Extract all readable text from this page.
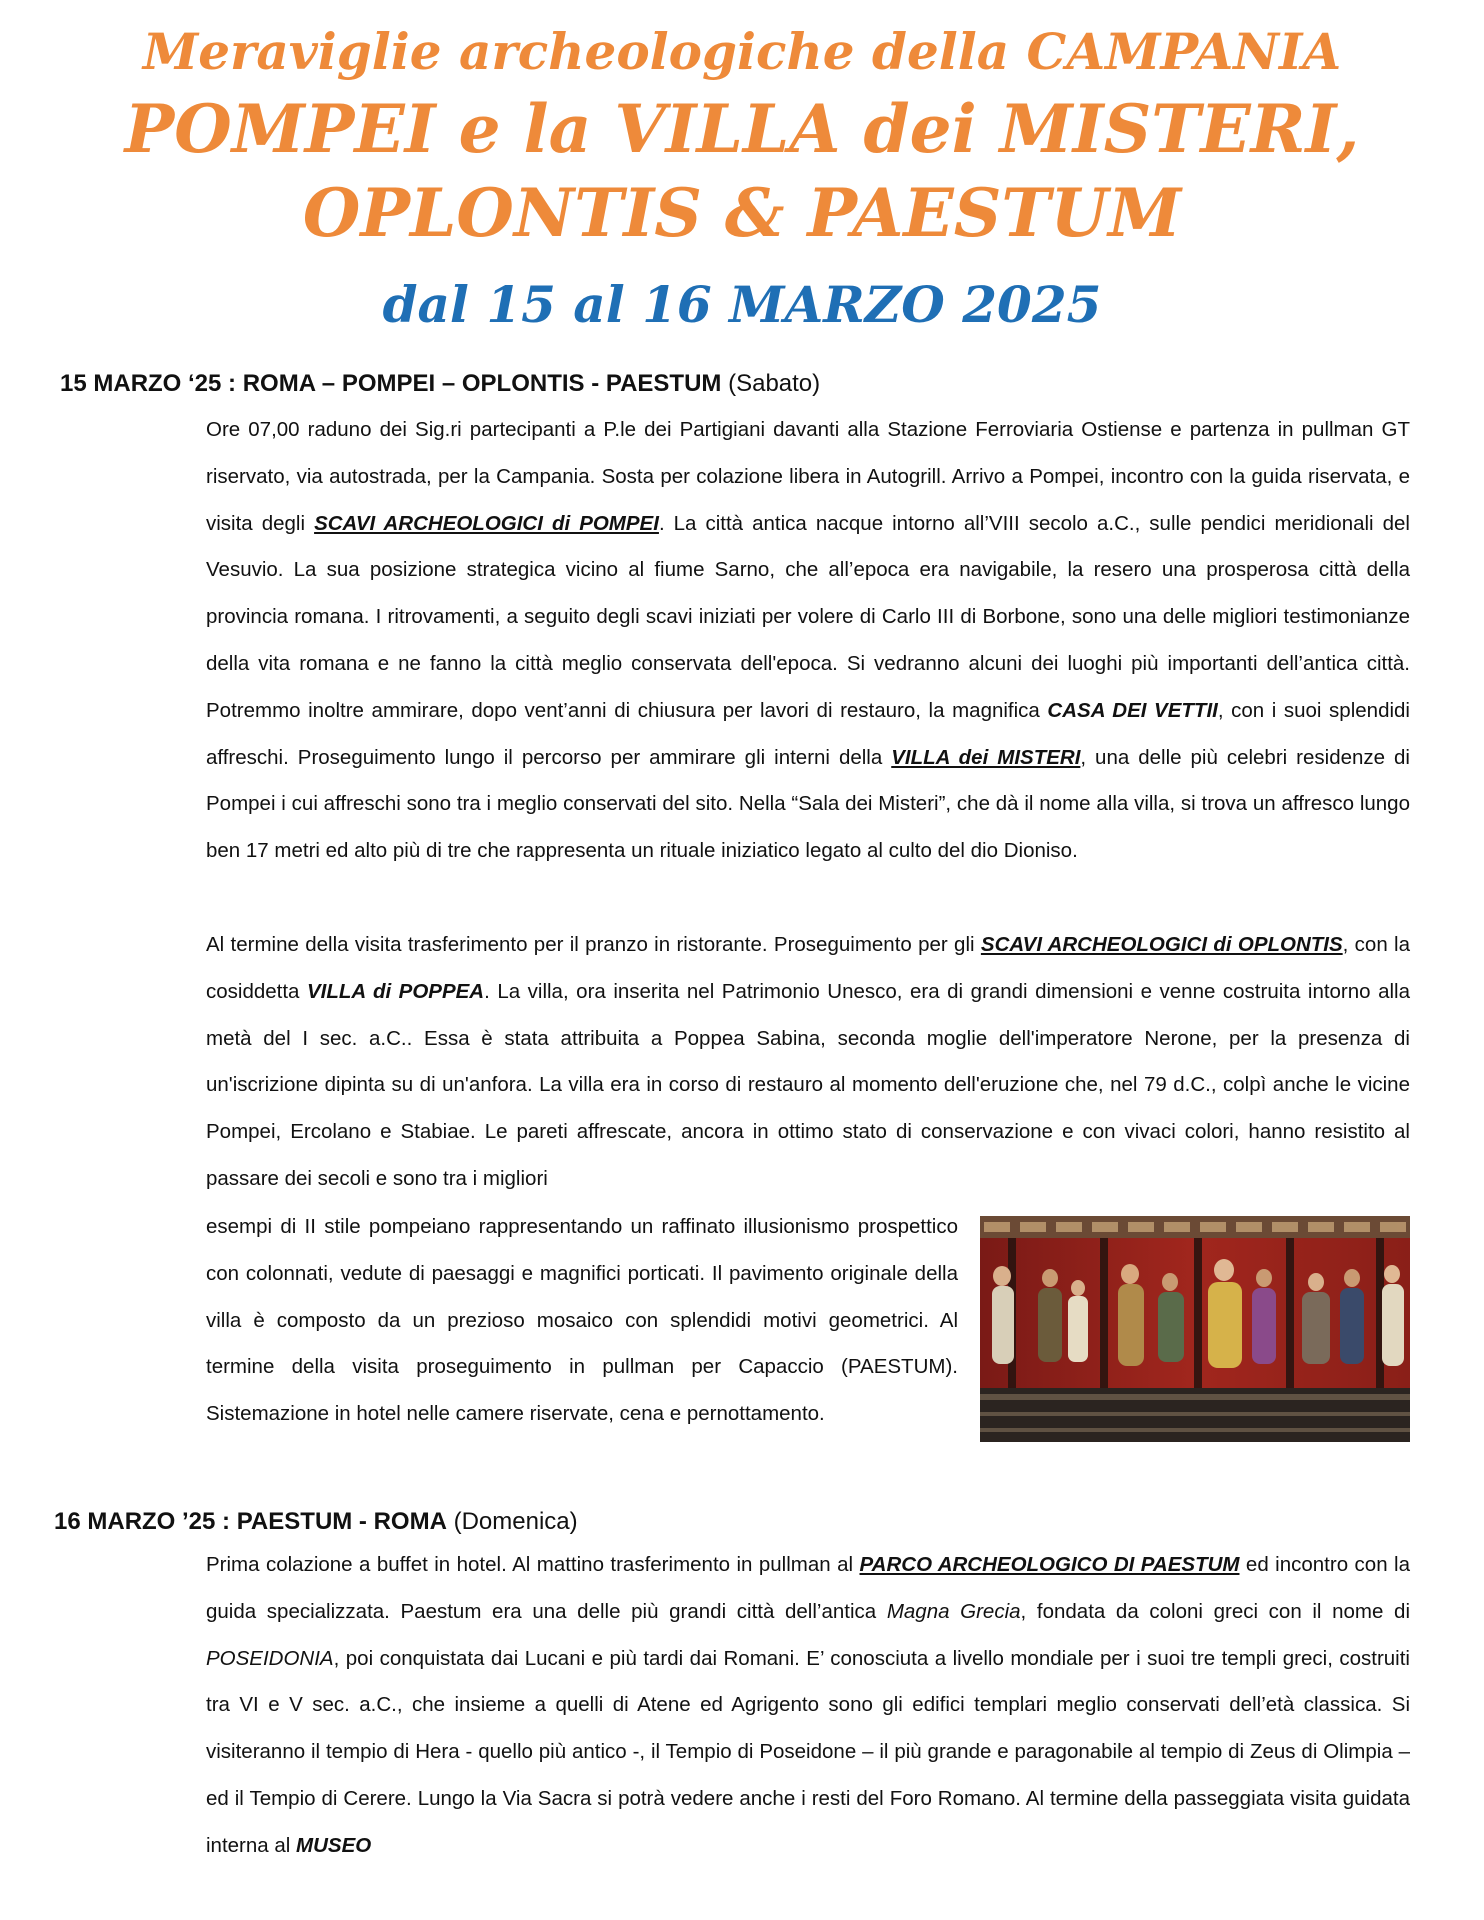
Meraviglie archeologiche della CAMPANIA
POMPEI e la VILLA dei MISTERI,
OPLONTIS & PAESTUM
dal 15 al 16 MARZO 2025
15 MARZO ‘25 : ROMA – POMPEI – OPLONTIS - PAESTUM (Sabato)

Ore 07,00 raduno dei Sig.ri partecipanti a P.le dei Partigiani davanti alla Stazione Ferroviaria Ostiense e partenza in pullman GT riservato, via autostrada, per la Campania. Sosta per colazione libera in Autogrill. Arrivo a Pompei, incontro con la guida riservata, e visita degli SCAVI ARCHEOLOGICI di POMPEI. La città antica nacque intorno all’VIII secolo a.C., sulle pendici meridionali del Vesuvio. La sua posizione strategica vicino al fiume Sarno, che all’epoca era navigabile, la resero una prosperosa città della provincia romana. I ritrovamenti, a seguito degli scavi iniziati per volere di Carlo III di Borbone, sono una delle migliori testimonianze della vita romana e ne fanno la città meglio conservata dell'epoca. Si vedranno alcuni dei luoghi più importanti dell’antica città. Potremmo inoltre ammirare, dopo vent’anni di chiusura per lavori di restauro, la magnifica CASA DEI VETTII, con i suoi splendidi affreschi. Proseguimento lungo il percorso per ammirare gli interni della VILLA dei MISTERI, una delle più celebri residenze di Pompei i cui affreschi sono tra i meglio conservati del sito. Nella “Sala dei Misteri”, che dà il nome alla villa, si trova un affresco lungo ben 17 metri ed alto più di tre che rappresenta un rituale iniziatico legato al culto del dio Dioniso.

Al termine della visita trasferimento per il pranzo in ristorante. Proseguimento per gli SCAVI ARCHEOLOGICI di OPLONTIS, con la cosiddetta VILLA di POPPEA. La villa, ora inserita nel Patrimonio Unesco, era di grandi dimensioni e venne costruita intorno alla metà del I sec. a.C.. Essa è stata attribuita a Poppea Sabina, seconda moglie dell'imperatore Nerone, per la presenza di un'iscrizione dipinta su di un'anfora. La villa era in corso di restauro al momento dell'eruzione che, nel 79 d.C., colpì anche le vicine Pompei, Ercolano e Stabiae. Le pareti affrescate, ancora in ottimo stato di conservazione e con vivaci colori, hanno resistito al passare dei secoli e sono tra i migliori

esempi di II stile pompeiano rappresentando un raffinato illusionismo prospettico con colonnati, vedute di paesaggi e magnifici porticati. Il pavimento originale della villa è composto da un prezioso mosaico con splendidi motivi geometrici. Al termine della visita proseguimento in pullman per Capaccio (PAESTUM). Sistemazione in hotel nelle camere riservate, cena e pernottamento.

16 MARZO ’25 : PAESTUM - ROMA (Domenica)

Prima colazione a buffet in hotel. Al mattino trasferimento in pullman al PARCO ARCHEOLOGICO DI PAESTUM ed incontro con la guida specializzata. Paestum era una delle più grandi città dell’antica Magna Grecia, fondata da coloni greci con il nome di POSEIDONIA, poi conquistata dai Lucani e più tardi dai Romani. E’ conosciuta a livello mondiale per i suoi tre templi greci, costruiti tra VI e V sec. a.C., che insieme a quelli di Atene ed Agrigento sono gli edifici templari meglio conservati dell’età classica. Si visiteranno il tempio di Hera - quello più antico -, il Tempio di Poseidone – il più grande e paragonabile al tempio di Zeus di Olimpia – ed il Tempio di Cerere. Lungo la Via Sacra si potrà vedere anche i resti del Foro Romano. Al termine della passeggiata visita guidata interna al MUSEO
